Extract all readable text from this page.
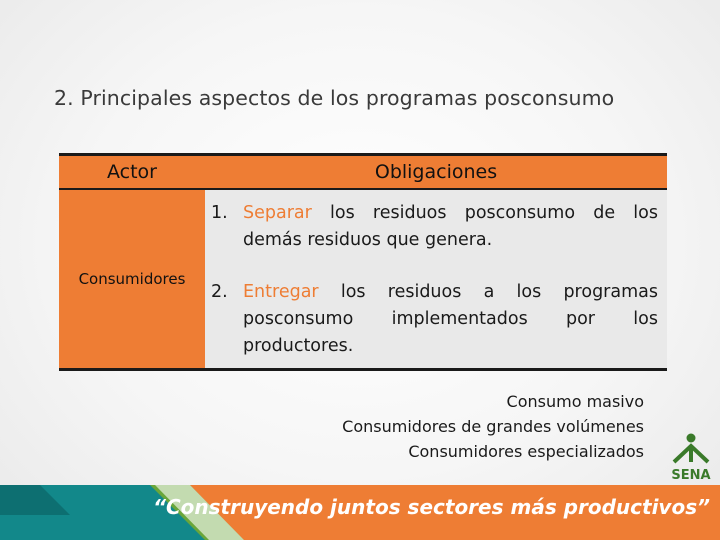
2. Principales aspectos de los programas posconsumo
Actor	Obligaciones
Consumidores	1. Separar los residuos posconsumo de los demás residuos que genera.
2. Entregar los residuos a los programas posconsumo implementados por los productores.
Consumo masivo
Consumidores de grandes volúmenes
Consumidores especializados
SENA
“Construyendo juntos sectores más productivos”
